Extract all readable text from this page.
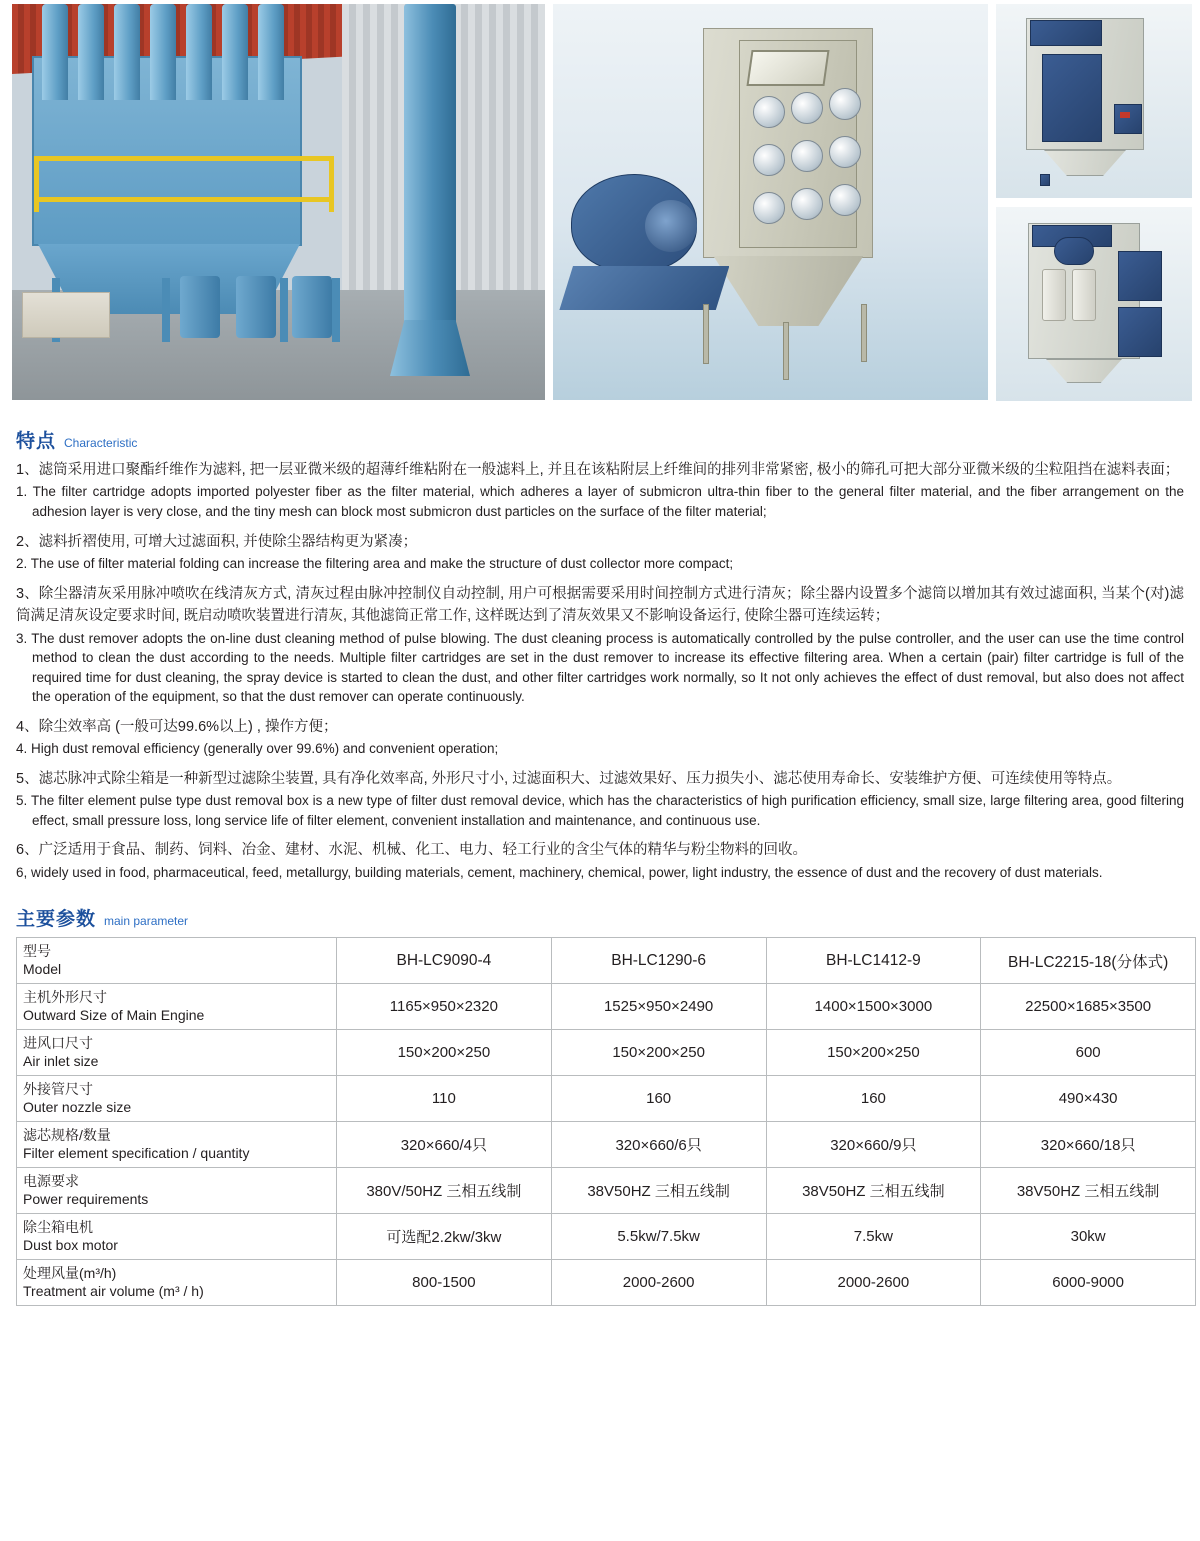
特点 Characteristic
1、滤筒采用进口聚酯纤维作为滤料, 把一层亚微米级的超薄纤维粘附在一般滤料上, 并且在该粘附层上纤维间的排列非常紧密, 极小的筛孔可把大部分亚微米级的尘粒阻挡在滤料表面；
1. The filter cartridge adopts imported polyester fiber as the filter material, which adheres a layer of submicron ultra-thin fiber to the general filter material, and the fiber arrangement on the adhesion layer is very close, and the tiny mesh can block most submicron dust particles on the surface of the filter material;
2、滤料折褶使用, 可增大过滤面积, 并使除尘器结构更为紧凑；
2. The use of filter material folding can increase the filtering area and make the structure of dust collector more compact;
3、除尘器清灰采用脉冲喷吹在线清灰方式, 清灰过程由脉冲控制仪自动控制, 用户可根据需要采用时间控制方式进行清灰；除尘器内设置多个滤筒以增加其有效过滤面积, 当某个(对)滤筒满足清灰设定要求时间, 既启动喷吹装置进行清灰, 其他滤筒正常工作, 这样既达到了清灰效果又不影响设备运行, 使除尘器可连续运转；
3. The dust remover adopts the on-line dust cleaning method of pulse blowing. The dust cleaning process is automatically controlled by the pulse controller, and the user can use the time control method to clean the dust according to the needs. Multiple filter cartridges are set in the dust remover to increase its effective filtering area. When a certain (pair) filter cartridge is full of the required time for dust cleaning, the spray device is started to clean the dust, and other filter cartridges work normally, so It not only achieves the effect of dust removal, but also does not affect the operation of the equipment, so that the dust remover can operate continuously.
4、除尘效率高 (一般可达99.6%以上) , 操作方便；
4. High dust removal efficiency (generally over 99.6%) and convenient operation;
5、滤芯脉冲式除尘箱是一种新型过滤除尘装置, 具有净化效率高, 外形尺寸小, 过滤面积大、过滤效果好、压力损失小、滤芯使用寿命长、安装维护方便、可连续使用等特点。
5. The filter element pulse type dust removal box is a new type of filter dust removal device, which has the characteristics of high purification efficiency, small size, large filtering area, good filtering effect, small pressure loss, long service life of filter element, convenient installation and maintenance, and continuous use.
6、广泛适用于食品、制药、饲料、冶金、建材、水泥、机械、化工、电力、轻工行业的含尘气体的精华与粉尘物料的回收。
6, widely used in food, pharmaceutical, feed, metallurgy, building materials, cement, machinery, chemical, power, light industry, the essence of dust and the recovery of dust materials.
主要参数 main parameter
型号
Model	BH-LC9090-4	BH-LC1290-6	BH-LC1412-9	BH-LC2215-18(分体式)

主机外形尺寸
Outward Size of Main Engine	1165×950×2320	1525×950×2490	1400×1500×3000	22500×1685×3500

进风口尺寸
Air inlet size	150×200×250	150×200×250	150×200×250	600

外接管尺寸
Outer nozzle size	110	160	160	490×430

滤芯规格/数量
Filter element specification / quantity	320×660/4只	320×660/6只	320×660/9只	320×660/18只

电源要求
Power requirements	380V/50HZ 三相五线制	38V50HZ 三相五线制	38V50HZ 三相五线制	38V50HZ 三相五线制

除尘箱电机
Dust box motor	可选配2.2kw/3kw	5.5kw/7.5kw	7.5kw	30kw

处理风量(m³/h)
Treatment air volume (m³ / h)	800-1500	2000-2600	2000-2600	6000-9000
